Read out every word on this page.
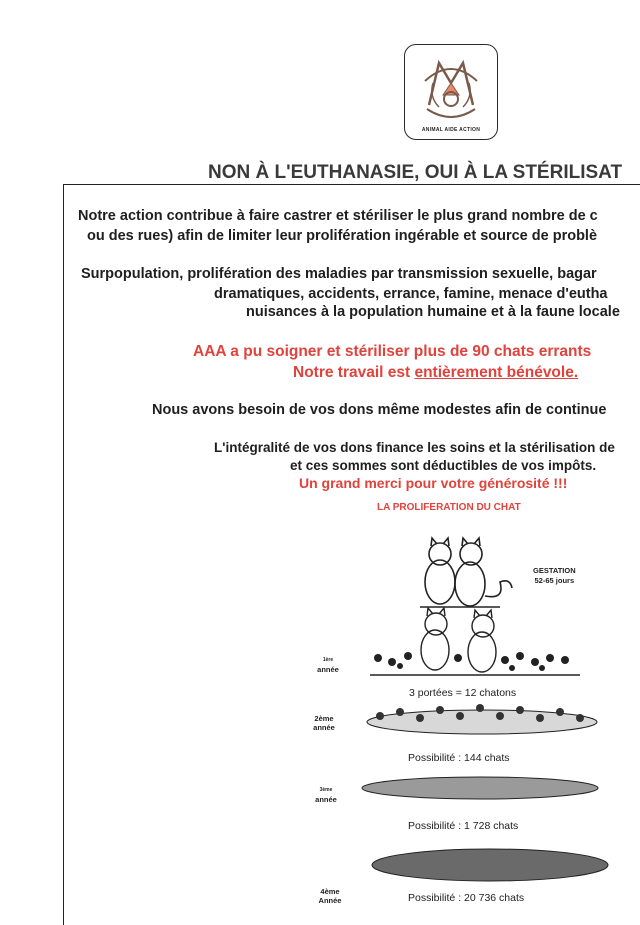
ANIMAL AIDE ACTION
NON À L'EUTHANASIE, OUI À LA STÉRILISAT
Notre action contribue à faire castrer et stériliser le plus grand nombre de c
ou des rues) afin de limiter leur prolifération ingérable et source de problè
Surpopulation, prolifération des maladies par transmission sexuelle, bagar
dramatiques, accidents, errance, famine, menace d'eutha
nuisances à la population humaine et à la faune locale
AAA a pu soigner et stériliser plus de 90 chats errants
Notre travail est entièrement bénévole.
Nous avons besoin de vos dons même modestes afin de continue
L'intégralité de vos dons finance les soins et la stérilisation de
et ces sommes sont déductibles de vos impôts.
Un grand merci pour votre générosité !!!
LA PROLIFERATION DU CHAT
GESTATION
52-65 jours
1ère
année
3 portées = 12 chatons
2ème
année
Possibilité : 144 chats
3ème
année
Possibilité : 1 728 chats
4ème
Année	Possibilité : 20 736 chats
